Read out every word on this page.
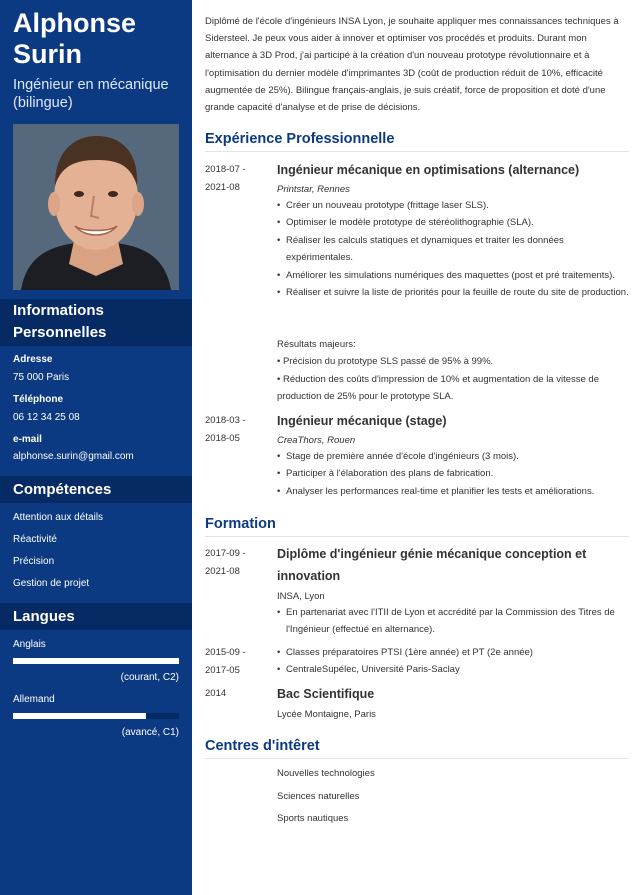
Alphonse Surin
Ingénieur en mécanique (bilingue)
Informations Personnelles
Adresse
75 000 Paris
Téléphone
06 12 34 25 08
e-mail
alphonse.surin@gmail.com
Compétences
Attention aux détails
Réactivité
Précision
Gestion de projet
Langues
Anglais
(courant, C2)
Allemand
(avancé, C1)
Diplômé de l'école d'ingénieurs INSA Lyon, je souhaite appliquer mes connaissances techniques à Sidersteel. Je peux vous aider à innover et optimiser vos procédés et produits. Durant mon alternance à 3D Prod, j'ai participé à la création d'un nouveau prototype révolutionnaire et à l'optimisation du dernier modèle d'imprimantes 3D (coût de production réduit de 10%, efficacité augmentée de 25%). Bilingue français-anglais, je suis créatif, force de proposition et doté d'une grande capacité d'analyse et de prise de décisions.
Expérience Professionnelle
2018-07 - 2021-08
Ingénieur mécanique en optimisations (alternance)
Printstar, Rennes
• Créer un nouveau prototype (frittage laser SLS).
• Optimiser le modèle prototype de stéréolithographie (SLA).
• Réaliser les calculs statiques et dynamiques et traiter les données expérimentales.
• Améliorer les simulations numériques des maquettes (post et pré traitements).
• Réaliser et suivre la liste de priorités pour la feuille de route du site de production.
Résultats majeurs:
• Précision du prototype SLS passé de 95% à 99%.
• Réduction des coûts d'impression de 10% et augmentation de la vitesse de production de 25% pour le prototype SLA.
2018-03 - 2018-05
Ingénieur mécanique (stage)
CreaThors, Rouen
• Stage de première année d'école d'ingénieurs (3 mois).
• Participer à l'élaboration des plans de fabrication.
• Analyser les performances real-time et planifier les tests et améliorations.
Formation
2017-09 - 2021-08
Diplôme d'ingénieur génie mécanique conception et innovation
INSA, Lyon
• En partenariat avec l'ITII de Lyon et accrédité par la Commission des Titres de l'Ingénieur (effectué en alternance).
2015-09 - 2017-05
• Classes préparatoires PTSI (1ère année) et PT (2e année)
• CentraleSupélec, Université Paris-Saclay
2014	Bac Scientifique
Lycée Montaigne, Paris
Centres d'intêret
Nouvelles technologies
Sciences naturelles
Sports nautiques
